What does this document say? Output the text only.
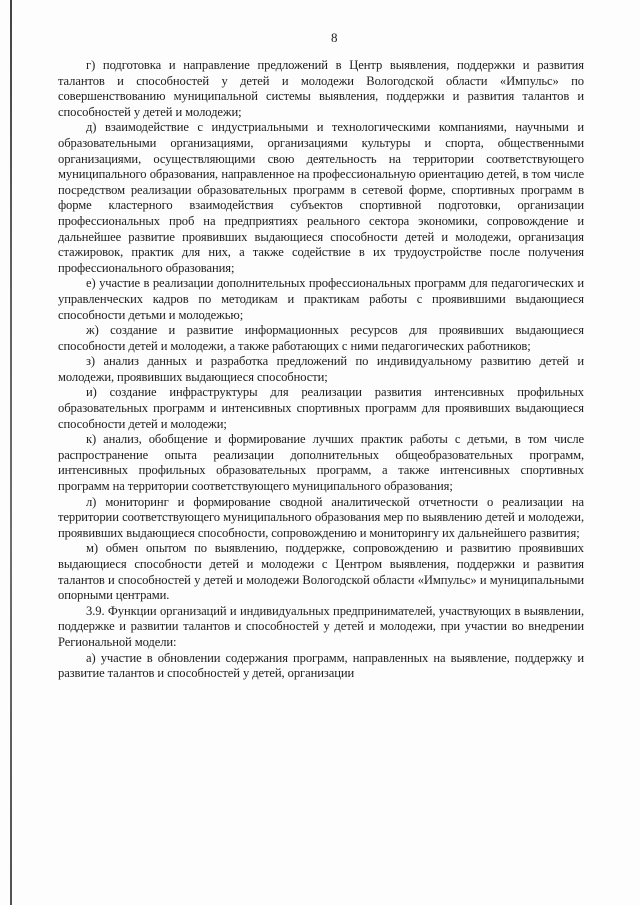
8

г) подготовка и направление предложений в Центр выявления, поддержки и развития талантов и способностей у детей и молодежи Вологодской области «Импульс» по совершенствованию муниципальной системы выявления, поддержки и развития талантов и способностей у детей и молодежи;

д) взаимодействие с индустриальными и технологическими компаниями, научными и образовательными организациями, организациями культуры и спорта, общественными организациями, осуществляющими свою деятельность на территории соответствующего муниципального образования, направленное на профессиональную ориентацию детей, в том числе посредством реализации образовательных программ в сетевой форме, спортивных программ в форме кластерного взаимодействия субъектов спортивной подготовки, организации профессиональных проб на предприятиях реального сектора экономики, сопровождение и дальнейшее развитие проявивших выдающиеся способности детей и молодежи, организация стажировок, практик для них, а также содействие в их трудоустройстве после получения профессионального образования;

е) участие в реализации дополнительных профессиональных программ для педагогических и управленческих кадров по методикам и практикам работы с проявившими выдающиеся способности детьми и молодежью;

ж) создание и развитие информационных ресурсов для проявивших выдающиеся способности детей и молодежи, а также работающих с ними педагогических работников;

з) анализ данных и разработка предложений по индивидуальному развитию детей и молодежи, проявивших выдающиеся способности;

и) создание инфраструктуры для реализации развития интенсивных профильных образовательных программ и интенсивных спортивных программ для проявивших выдающиеся способности детей и молодежи;

к) анализ, обобщение и формирование лучших практик работы с детьми, в том числе распространение опыта реализации дополнительных общеобразовательных программ, интенсивных профильных образовательных программ, а также интенсивных спортивных программ на территории соответствующего муниципального образования;

л) мониторинг и формирование сводной аналитической отчетности о реализации на территории соответствующего муниципального образования мер по выявлению детей и молодежи, проявивших выдающиеся способности, сопровождению и мониторингу их дальнейшего развития;

м) обмен опытом по выявлению, поддержке, сопровождению и развитию проявивших выдающиеся способности детей и молодежи с Центром выявления, поддержки и развития талантов и способностей у детей и молодежи Вологодской области «Импульс» и муниципальными опорными центрами.

3.9. Функции организаций и индивидуальных предпринимателей, участвующих в выявлении, поддержке и развитии талантов и способностей у детей и молодежи, при участии во внедрении Региональной модели:

а) участие в обновлении содержания программ, направленных на выявление, поддержку и развитие талантов и способностей у детей, организации
